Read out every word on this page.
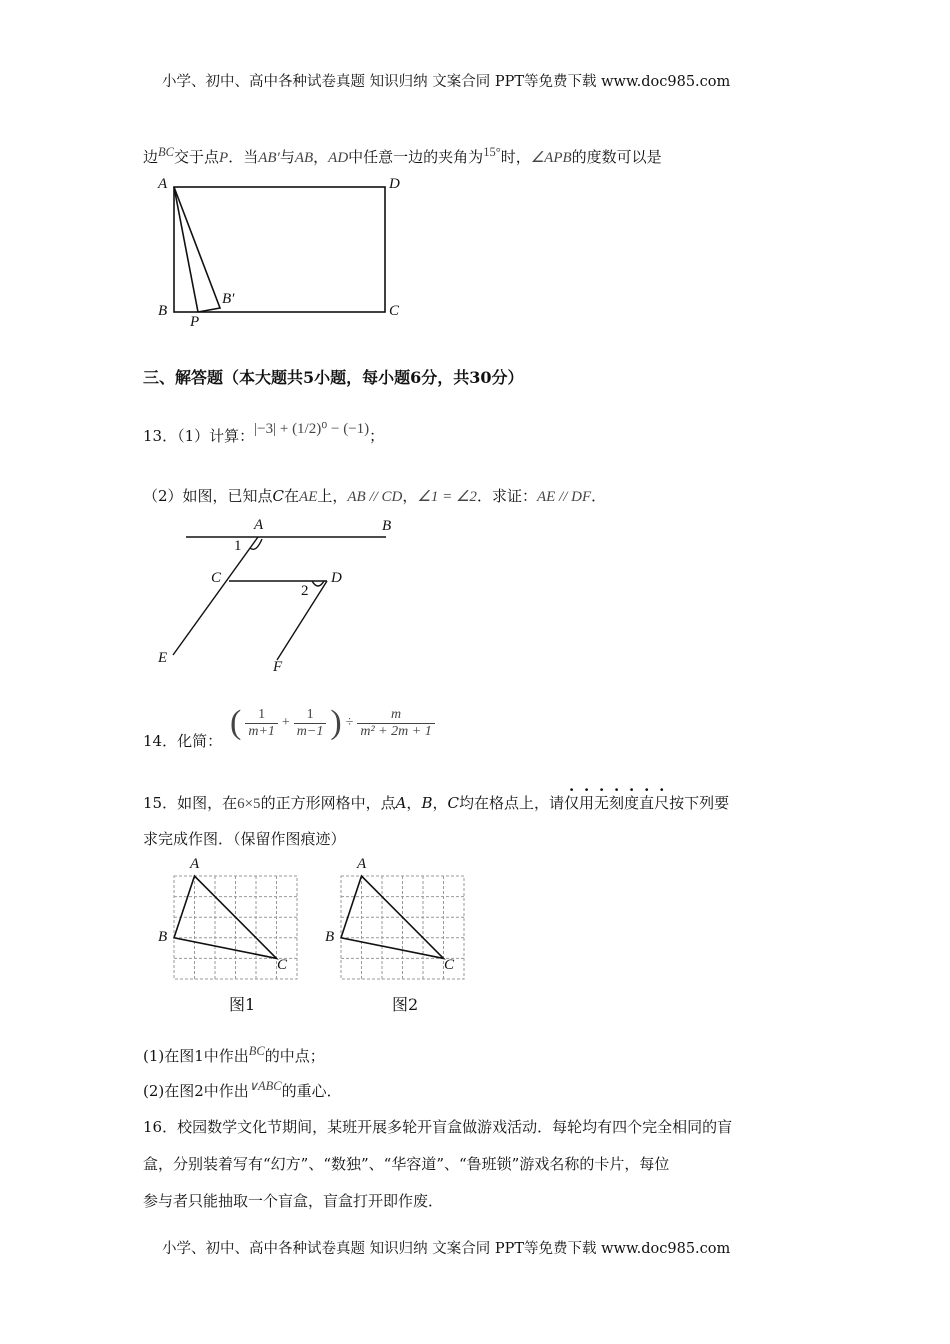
小学、初中、高中各种试卷真题 知识归纳 文案合同 PPT等免费下载 www.doc985.com
边$^{BC}$交于点P．当AB′与AB，AD中任意一边的夹角为$^{15^\circ}$时，∠APB的度数可以是
A	D
B	C
P
B′
三、解答题（本大题共5小题，每小题6分，共30分）
13．（1）计算：|−3| + (1/2)⁰ − (−1)；
（2）如图，已知点C在AE上，AB // CD，∠1 = ∠2．求证：AE // DF．
A	B
C	D
E
F
1
2
14．化简： ( 1
m+1
+
1
m−1 ) ÷
m
m² + 2m + 1
15．如图，在6×5的正方形网格中，点A，B，C均在格点上，请仅用无刻度直尺按下列要
求完成作图．（保留作图痕迹）
A
B
C
A
B
C
图1	图2
(1)在图1中作出$^{BC}$的中点；
(2)在图2中作出$^{\vee ABC}$的重心．
16．校园数学文化节期间，某班开展多轮开盲盒做游戏活动．每轮均有四个完全相同的盲
盒，分别装着写有“幻方”、“数独”、“华容道”、“鲁班锁”游戏名称的卡片，每位
参与者只能抽取一个盲盒，盲盒打开即作废．
小学、初中、高中各种试卷真题 知识归纳 文案合同 PPT等免费下载 www.doc985.com
